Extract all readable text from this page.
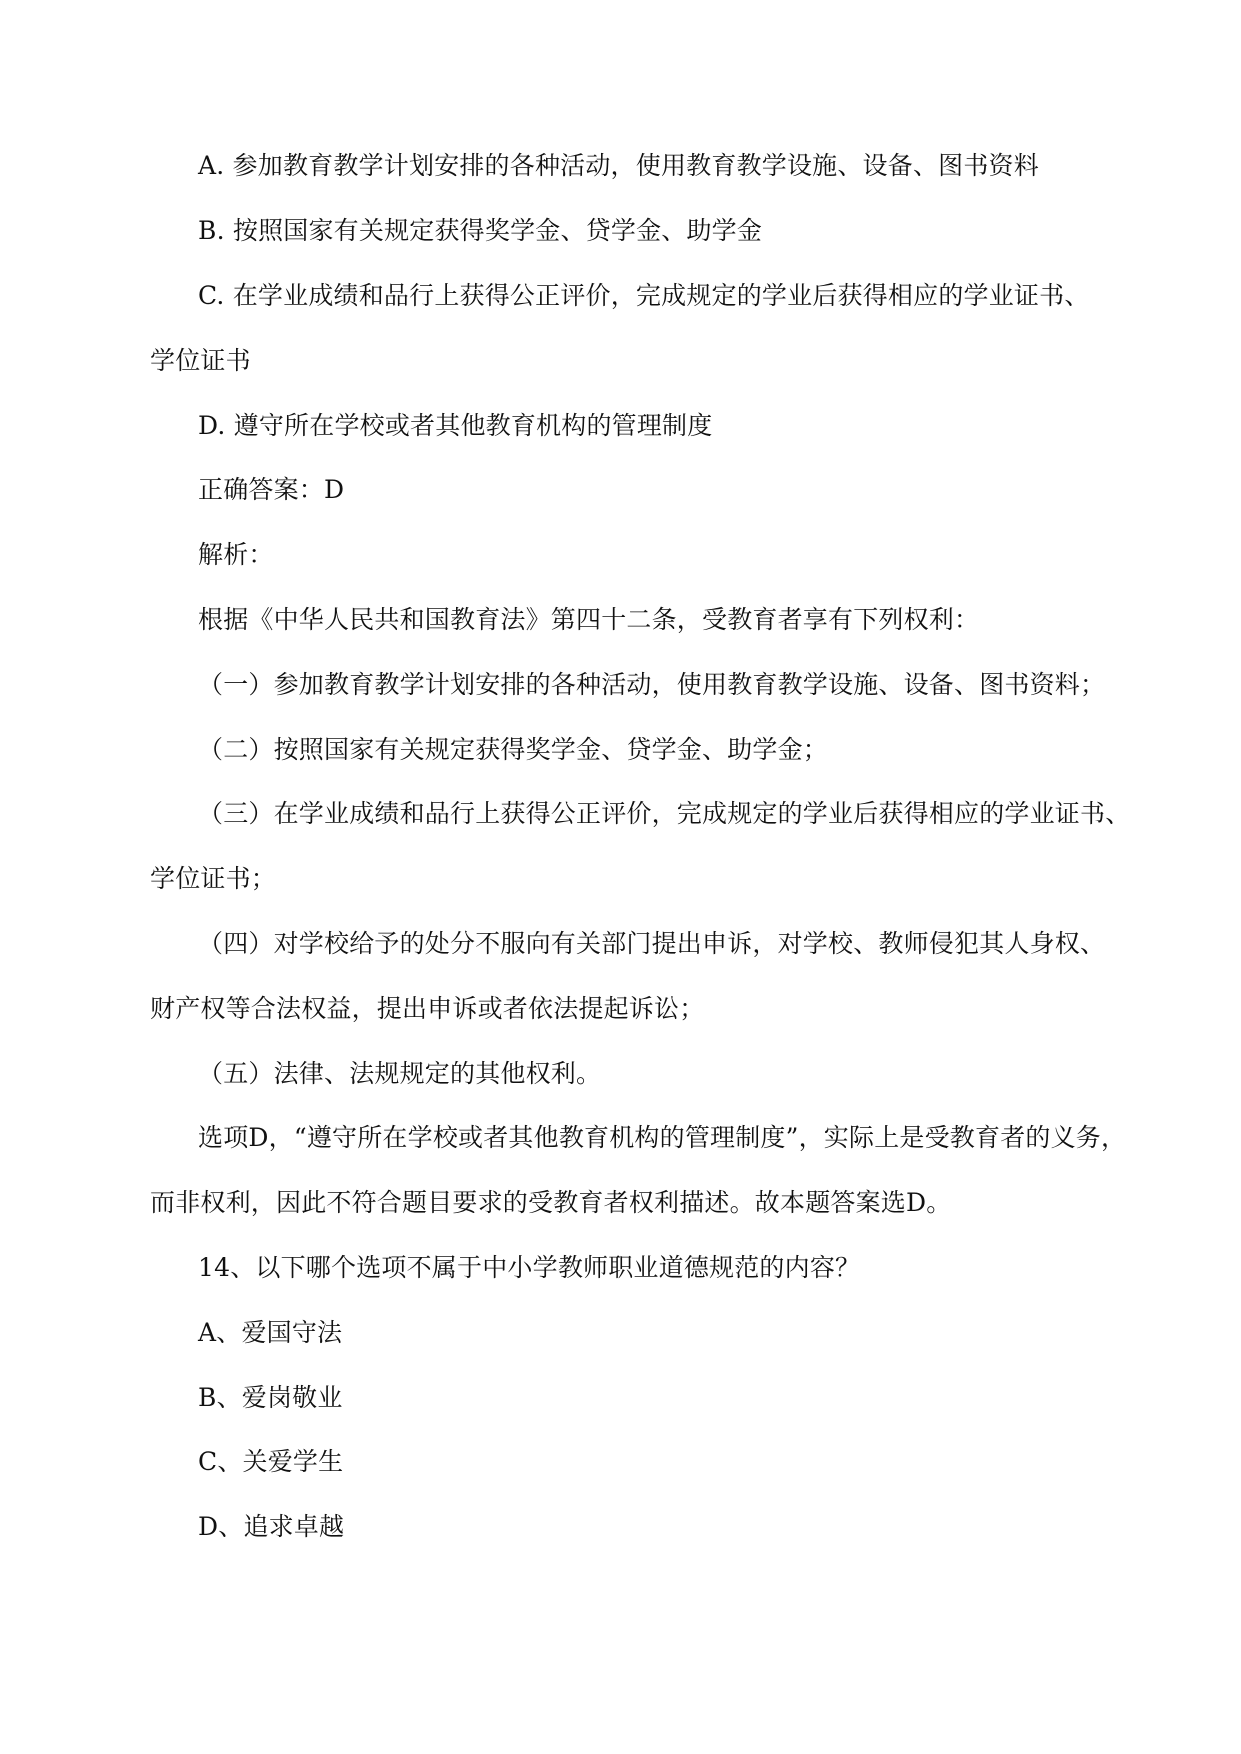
A. 参加教育教学计划安排的各种活动，使用教育教学设施、设备、图书资料
B. 按照国家有关规定获得奖学金、贷学金、助学金
C. 在学业成绩和品行上获得公正评价，完成规定的学业后获得相应的学业证书、
学位证书
D. 遵守所在学校或者其他教育机构的管理制度
正确答案：D
解析：
根据《中华人民共和国教育法》第四十二条，受教育者享有下列权利：
（一）参加教育教学计划安排的各种活动，使用教育教学设施、设备、图书资料；
（二）按照国家有关规定获得奖学金、贷学金、助学金；
（三）在学业成绩和品行上获得公正评价，完成规定的学业后获得相应的学业证书、
学位证书；
（四）对学校给予的处分不服向有关部门提出申诉，对学校、教师侵犯其人身权、
财产权等合法权益，提出申诉或者依法提起诉讼；
（五）法律、法规规定的其他权利。
选项D，“遵守所在学校或者其他教育机构的管理制度”，实际上是受教育者的义务，
而非权利，因此不符合题目要求的受教育者权利描述。故本题答案选D。
14、以下哪个选项不属于中小学教师职业道德规范的内容？
A、爱国守法
B、爱岗敬业
C、关爱学生
D、追求卓越
